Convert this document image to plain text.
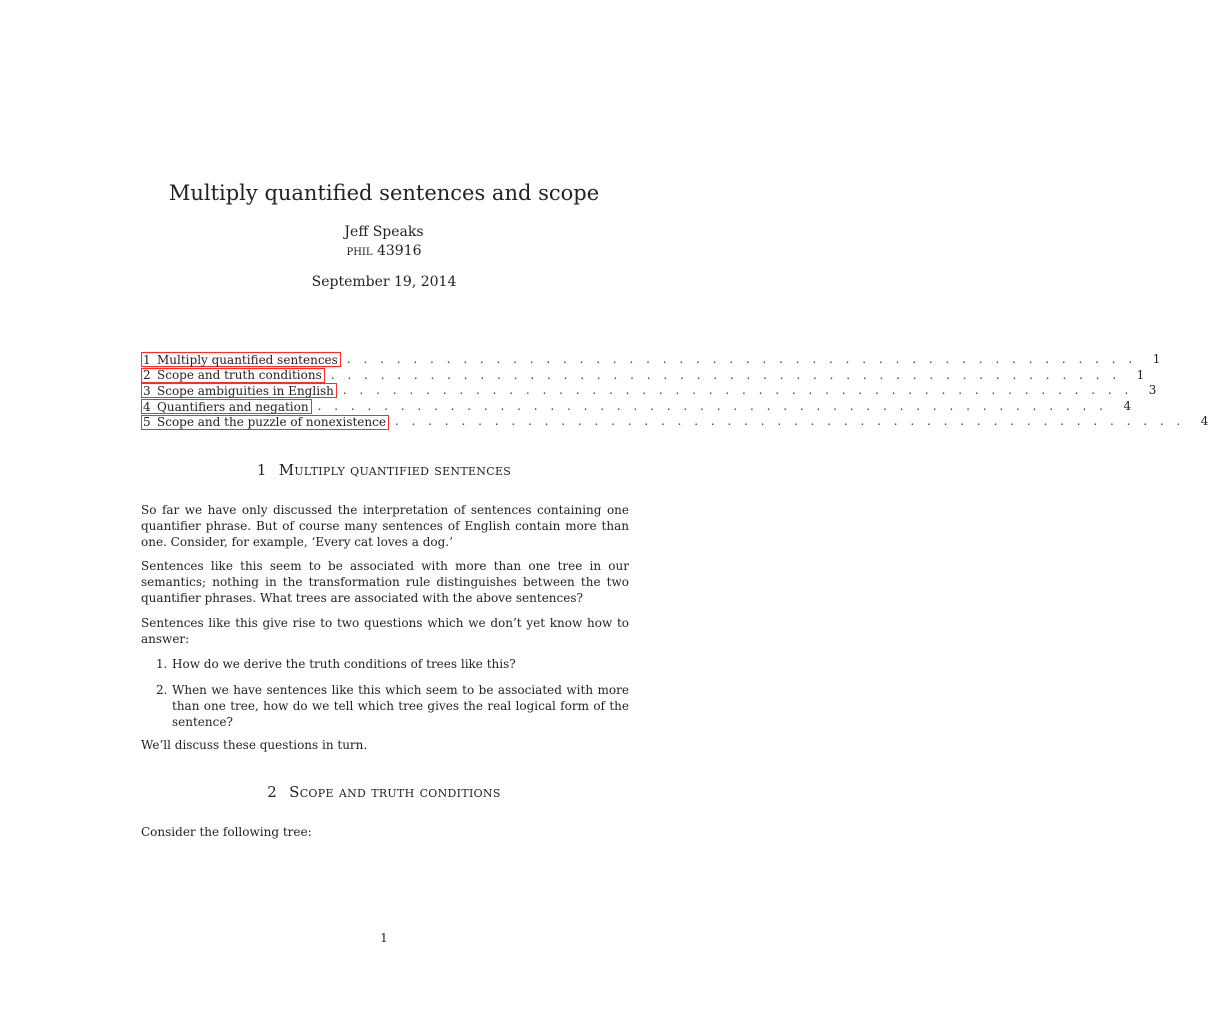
Multiply quantified sentences and scope
Jeff Speaks
phil 43916
September 19, 2014
1 Multiply quantified sentences . . . . . . . . . . . . . . . . . . . . . . . . . . . . . . . . . . . . . . . . . . . . . . . . 1
2 Scope and truth conditions . . . . . . . . . . . . . . . . . . . . . . . . . . . . . . . . . . . . . . . . . . . . . . . . 1
3 Scope ambiguities in English . . . . . . . . . . . . . . . . . . . . . . . . . . . . . . . . . . . . . . . . . . . . . . . . 3
4 Quantifiers and negation . . . . . . . . . . . . . . . . . . . . . . . . . . . . . . . . . . . . . . . . . . . . . . . . 4
5 Scope and the puzzle of nonexistence . . . . . . . . . . . . . . . . . . . . . . . . . . . . . . . . . . . . . . . . . . . . . . . . 4
1 Multiply quantified sentences
So far we have only discussed the interpretation of sentences containing one quantifier phrase. But of course many sentences of English contain more than one. Consider, for example, ‘Every cat loves a dog.’
Sentences like this seem to be associated with more than one tree in our semantics; nothing in the transformation rule distinguishes between the two quantifier phrases. What trees are associated with the above sentences?
Sentences like this give rise to two questions which we don’t yet know how to answer:
1. How do we derive the truth conditions of trees like this?
2. When we have sentences like this which seem to be associated with more than one tree, how do we tell which tree gives the real logical form of the sentence?
We’ll discuss these questions in turn.
2 Scope and truth conditions
Consider the following tree:
1
